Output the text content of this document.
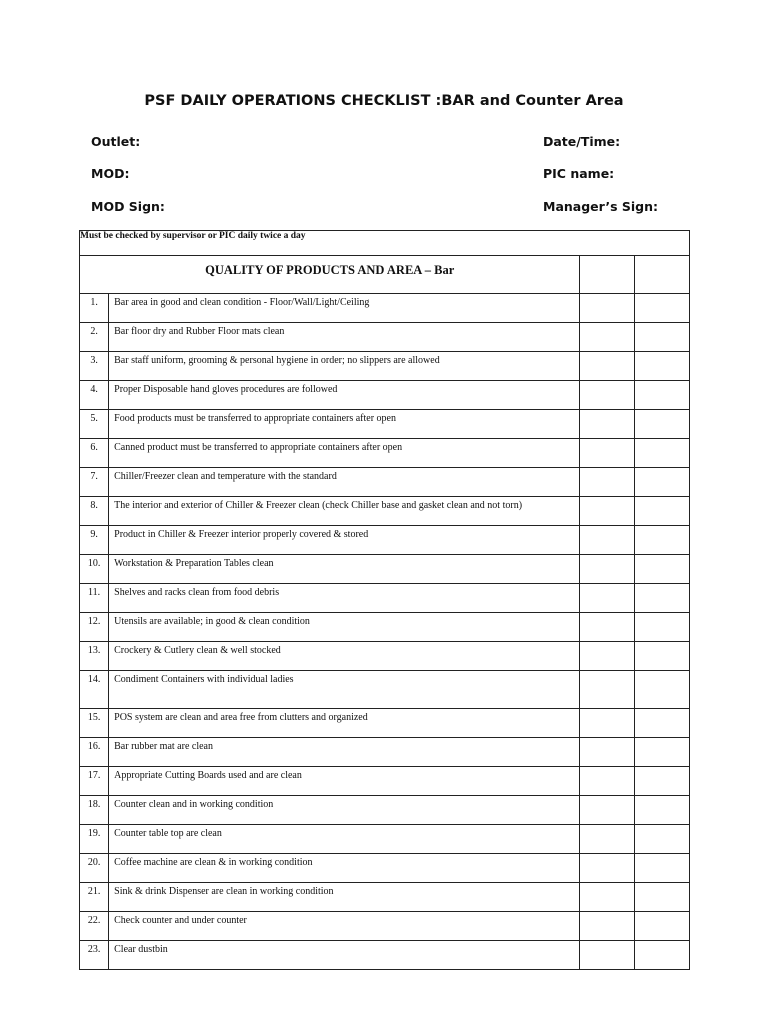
PSF DAILY OPERATIONS CHECKLIST :BAR and Counter Area
Outlet:	Date/Time:
MOD:	PIC name:
MOD Sign:	Manager’s Sign:
Must be checked by supervisor or PIC daily twice a day			
QUALITY OF PRODUCTS AND AREA – Bar			
1.	Bar area in good and clean condition - Floor/Wall/Light/Ceiling		
2.	Bar floor dry and Rubber Floor mats clean		
3.	Bar staff uniform, grooming & personal hygiene in order; no slippers are allowed		
4.	Proper Disposable hand gloves procedures are followed		
5.	Food products must be transferred to appropriate containers after open		
6.	Canned product must be transferred to appropriate containers after open		
7.	Chiller/Freezer clean and temperature with the standard		
8.	The interior and exterior of Chiller & Freezer clean (check Chiller base and gasket clean and not torn)		
9.	Product in Chiller & Freezer interior properly covered & stored		
10.	Workstation & Preparation Tables clean		
11.	Shelves and racks clean from food debris		
12.	Utensils are available; in good & clean condition		
13.	Crockery & Cutlery clean & well stocked		
14.	Condiment Containers with individual ladies		
15.	POS system are clean and area free from clutters and organized		
16.	Bar rubber mat are clean		
17.	Appropriate Cutting Boards used and are clean		
18.	Counter clean and in working condition		
19.	Counter table top are clean		
20.	Coffee machine are clean & in working condition		
21.	Sink & drink Dispenser are clean in working condition		
22.	Check counter and under counter		
23.	Clear dustbin		
